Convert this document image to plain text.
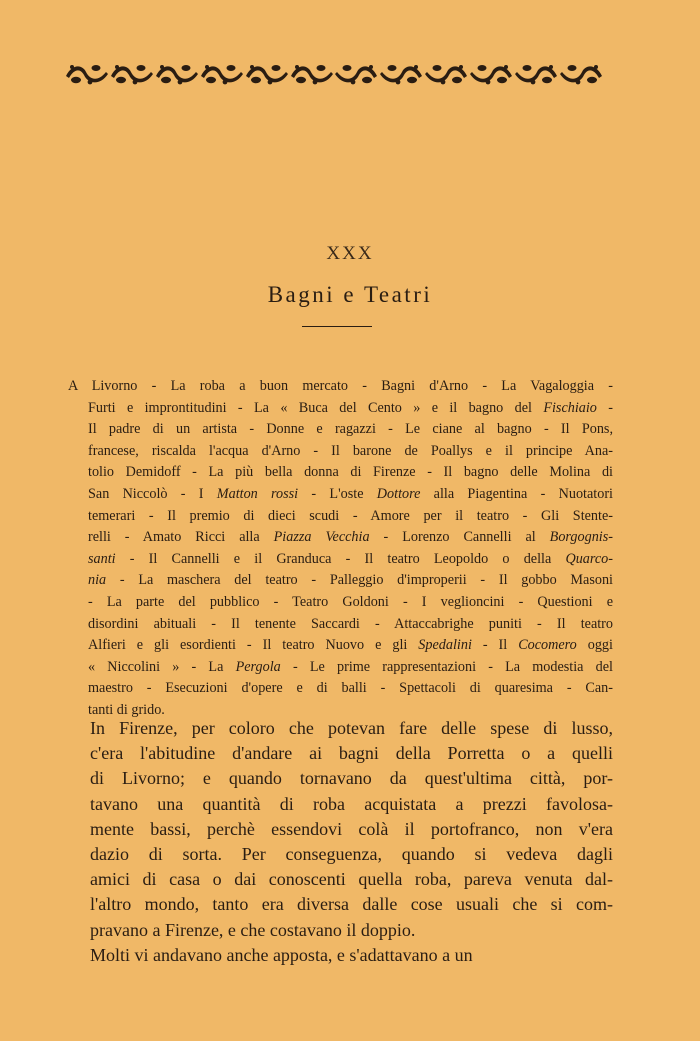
XXX
Bagni e Teatri
A Livorno - La roba a buon mercato - Bagni d'Arno - La Vagaloggia -
Furti e improntitudini - La « Buca del Cento » e il bagno del Fischiaio -
Il padre di un artista - Donne e ragazzi - Le ciane al bagno - Il Pons,
francese, riscalda l'acqua d'Arno - Il barone de Poallys e il principe Ana-
tolio Demidoff - La più bella donna di Firenze - Il bagno delle Molina di
San Niccolò - I Matton rossi - L'oste Dottore alla Piagentina - Nuotatori
temerari - Il premio di dieci scudi - Amore per il teatro - Gli Stente-
relli - Amato Ricci alla Piazza Vecchia - Lorenzo Cannelli al Borgognis-
santi - Il Cannelli e il Granduca - Il teatro Leopoldo o della Quarco-
nia - La maschera del teatro - Palleggio d'improperii - Il gobbo Masoni
- La parte del pubblico - Teatro Goldoni - I veglioncini - Questioni e
disordini abituali - Il tenente Saccardi - Attaccabrighe puniti - Il teatro
Alfieri e gli esordienti - Il teatro Nuovo e gli Spedalini - Il Cocomero oggi
« Niccolini » - La Pergola - Le prime rappresentazioni - La modestia del
maestro - Esecuzioni d'opere e di balli - Spettacoli di quaresima - Can-
tanti di grido.
In Firenze, per coloro che potevan fare delle spese di lusso,
c'era l'abitudine d'andare ai bagni della Porretta o a quelli
di Livorno; e quando tornavano da quest'ultima città, por-
tavano una quantità di roba acquistata a prezzi favolosa-
mente bassi, perchè essendovi colà il portofranco, non v'era
dazio di sorta. Per conseguenza, quando si vedeva dagli
amici di casa o dai conoscenti quella roba, pareva venuta dal-
l'altro mondo, tanto era diversa dalle cose usuali che si com-
pravano a Firenze, e che costavano il doppio.
Molti vi andavano anche apposta, e s'adattavano a un
